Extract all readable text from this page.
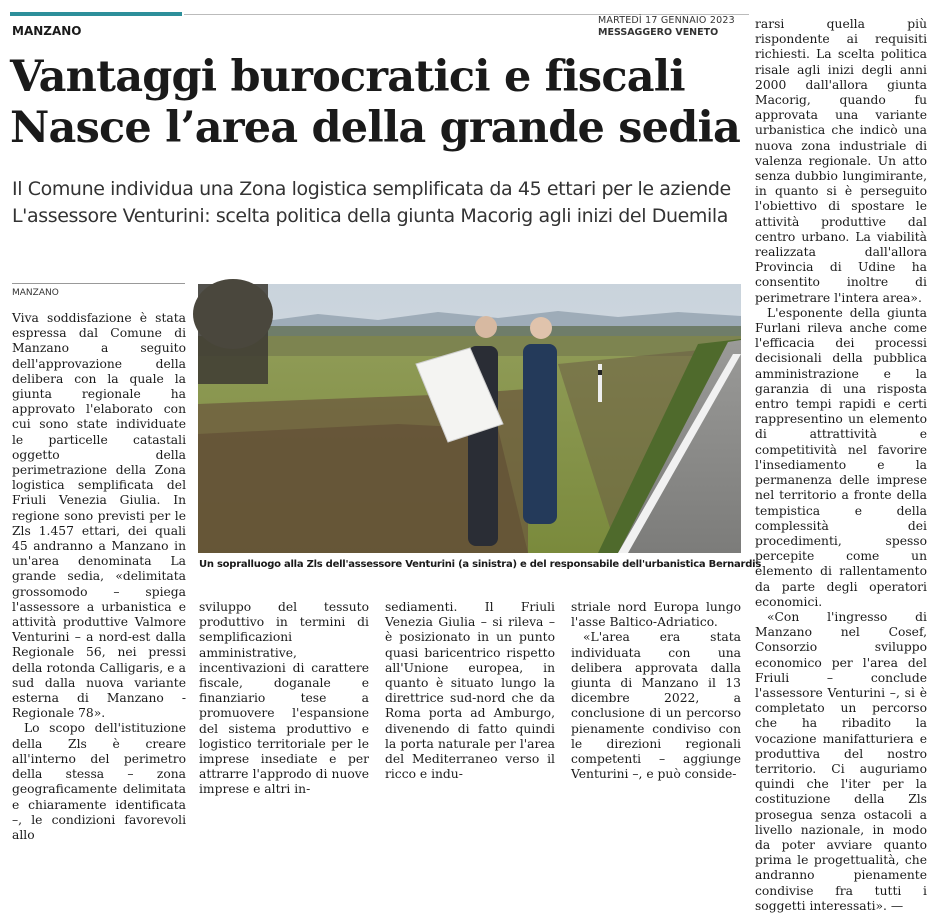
MANZANO
MARTEDÌ 17 GENNAIO 2023
MESSAGGERO VENETO
Vantaggi burocratici e fiscali
Nasce l’area della grande sedia
Il Comune individua una Zona logistica semplificata da 45 ettari per le aziende
L'assessore Venturini: scelta politica della giunta Macorig agli inizi del Duemila
MANZANO

Viva soddisfazione è stata espressa dal Comune di Manzano a seguito dell'approvazione della delibera con la quale la giunta regionale ha approvato l'elaborato con cui sono state individuate le particelle catastali oggetto della perimetrazione della Zona logistica semplificata del Friuli Venezia Giulia. In regione sono previsti per le Zls 1.457 ettari, dei quali 45 andranno a Manzano in un'area denominata La grande sedia, «delimitata grossomodo – spiega l'assessore a urbanistica e attività produttive Valmore Venturini – a nord-est dalla Regionale 56, nei pressi della rotonda Calligaris, e a sud dalla nuova variante esterna di Manzano - Regionale 78».

Lo scopo dell'istituzione della Zls è creare all'interno del perimetro della stessa – zona geograficamente delimitata e chiaramente identificata –, le condizioni favorevoli allo

Un sopralluogo alla Zls dell'assessore Venturini (a sinistra) e del responsabile dell'urbanistica Bernardis

sviluppo del tessuto produttivo in termini di semplificazioni amministrative, incentivazioni di carattere fiscale, doganale e finanziario tese a promuovere l'espansione del sistema produttivo e logistico territoriale per le imprese insediate e per attrarre l'approdo di nuove imprese e altri in-

sediamenti. Il Friuli Venezia Giulia – si rileva – è posizionato in un punto quasi baricentrico rispetto all'Unione europea, in quanto è situato lungo la direttrice sud-nord che da Roma porta ad Amburgo, divenendo di fatto quindi la porta naturale per l'area del Mediterraneo verso il ricco e indu-

striale nord Europa lungo l'asse Baltico-Adriatico.

«L'area era stata individuata con una delibera approvata dalla giunta di Manzano il 13 dicembre 2022, a conclusione di un percorso pienamente condiviso con le direzioni regionali competenti – aggiunge Venturini –, e può conside-

rarsi quella più rispondente ai requisiti richiesti. La scelta politica risale agli inizi degli anni 2000 dall'allora giunta Macorig, quando fu approvata una variante urbanistica che indicò una nuova zona industriale di valenza regionale. Un atto senza dubbio lungimirante, in quanto si è perseguito l'obiettivo di spostare le attività produttive dal centro urbano. La viabilità realizzata dall'allora Provincia di Udine ha consentito inoltre di perimetrare l'intera area».

L'esponente della giunta Furlani rileva anche come l'efficacia dei processi decisionali della pubblica amministrazione e la garanzia di una risposta entro tempi rapidi e certi rappresentino un elemento di attrattività e competitività nel favorire l'insediamento e la permanenza delle imprese nel territorio a fronte della tempistica e della complessità dei procedimenti, spesso percepite come un elemento di rallentamento da parte degli operatori economici.

«Con l'ingresso di Manzano nel Cosef, Consorzio sviluppo economico per l'area del Friuli – conclude l'assessore Venturini –, si è completato un percorso che ha ribadito la vocazione manifatturiera e produttiva del nostro territorio. Ci auguriamo quindi che l'iter per la costituzione della Zls prosegua senza ostacoli a livello nazionale, in modo da poter avviare quanto prima le progettualità, che andranno pienamente condivise fra tutti i soggetti interessati». —
